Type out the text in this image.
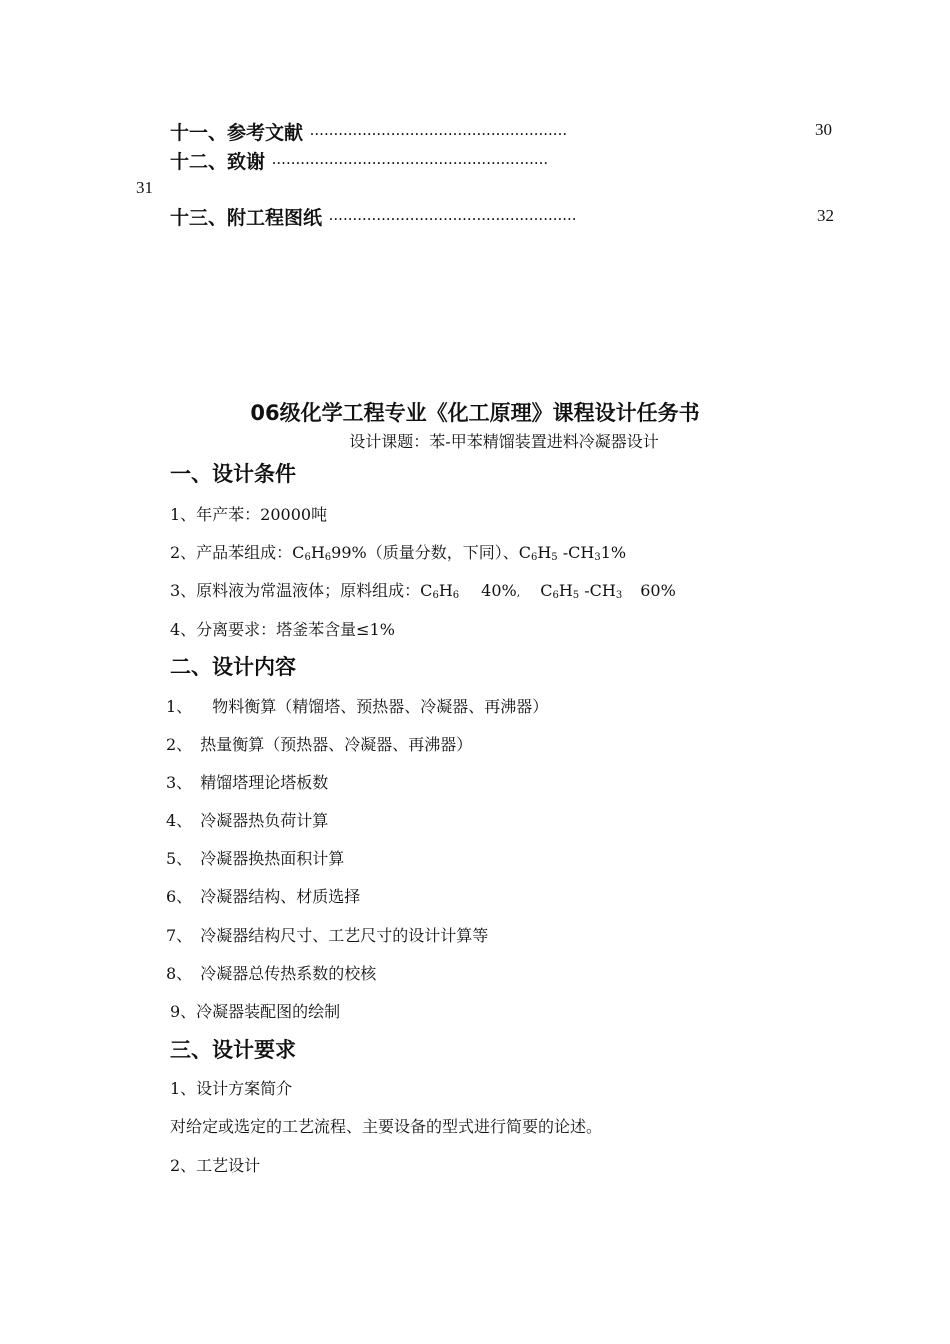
十一、参考文献 ······················································	30
十二、致谢 ··························································
31
十三、附工程图纸 ····················································	32
06级化学工程专业《化工原理》课程设计任务书
设计课题：苯-甲苯精馏装置进料冷凝器设计
一、设计条件
1、年产苯：20000吨
2、产品苯组成：$C_6H_699\%$（质量分数，下同）、$C_6H_5$ $-CH_31\%$
3、原料液为常温液体；原料组成：$C_6H_6$ 40%, $C_6H_5$ $-CH_3$ 60%
4、分离要求：塔釜苯含量≤1%
二、设计内容
1、 物料衡算（精馏塔、预热器、冷凝器、再沸器）
2、 热量衡算（预热器、冷凝器、再沸器）
3、 精馏塔理论塔板数
4、 冷凝器热负荷计算
5、 冷凝器换热面积计算
6、 冷凝器结构、材质选择
7、 冷凝器结构尺寸、工艺尺寸的设计计算等
8、 冷凝器总传热系数的校核
9、冷凝器装配图的绘制
三、设计要求
1、设计方案简介
对给定或选定的工艺流程、主要设备的型式进行简要的论述。
2、工艺设计
